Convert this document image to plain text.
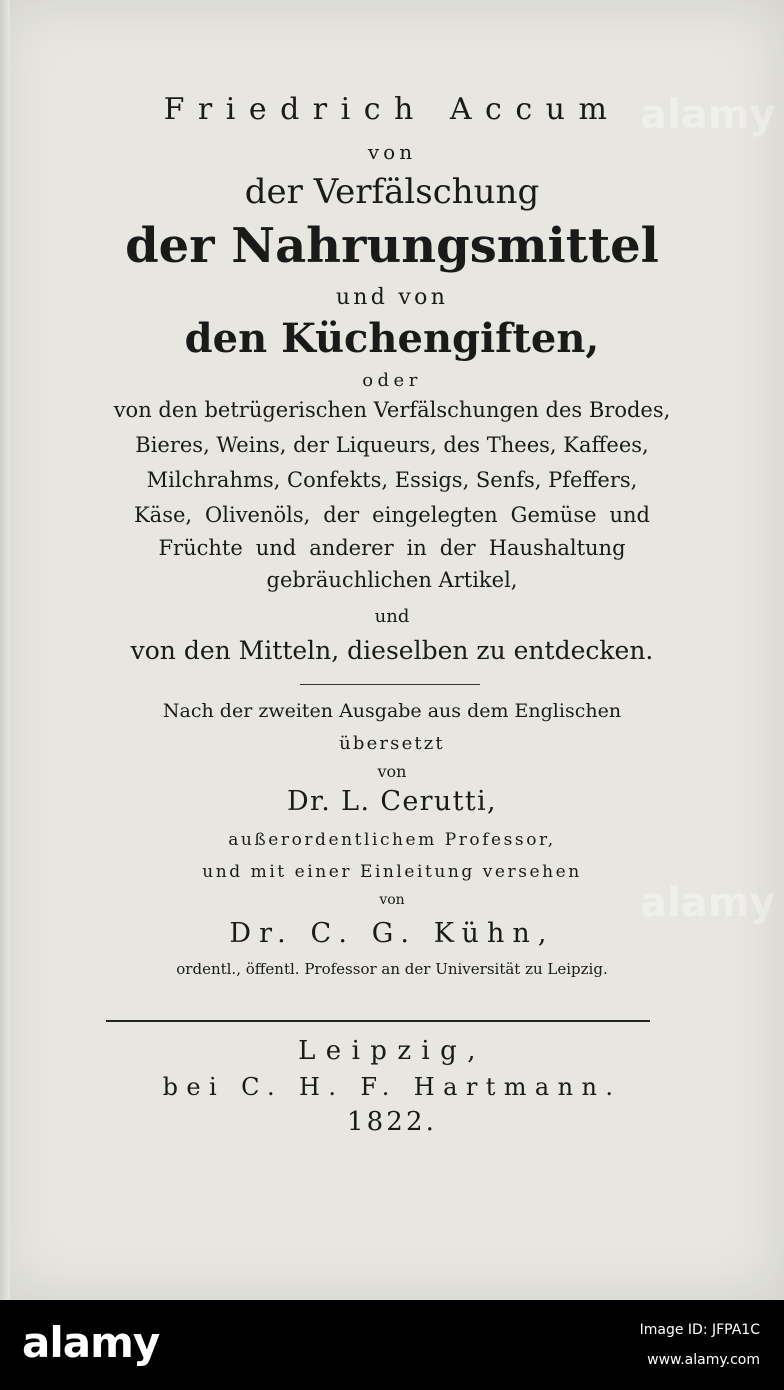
Friedrich Accum
von
der Verfälschung
der Nahrungsmittel
und von
den Küchengiften,
oder
von den betrügerischen Verfälschungen des Brodes,
Bieres, Weins, der Liqueurs, des Thees, Kaffees,
Milchrahms, Confekts, Essigs, Senfs, Pfeffers,
Käse, Olivenöls, der eingelegten Gemüse und
Früchte und anderer in der Haushaltung
gebräuchlichen Artikel,
und
von den Mitteln, dieselben zu entdecken.
Nach der zweiten Ausgabe aus dem Englischen
übersetzt
von
Dr. L. Cerutti,
außerordentlichem Professor,
und mit einer Einleitung versehen
von
Dr. C. G. Kühn,
ordentl., öffentl. Professor an der Universität zu Leipzig.
Leipzig,
bei C. H. F. Hartmann.
1822.
alamy
alamy
alamy	Image ID: JFPA1C
www.alamy.com
